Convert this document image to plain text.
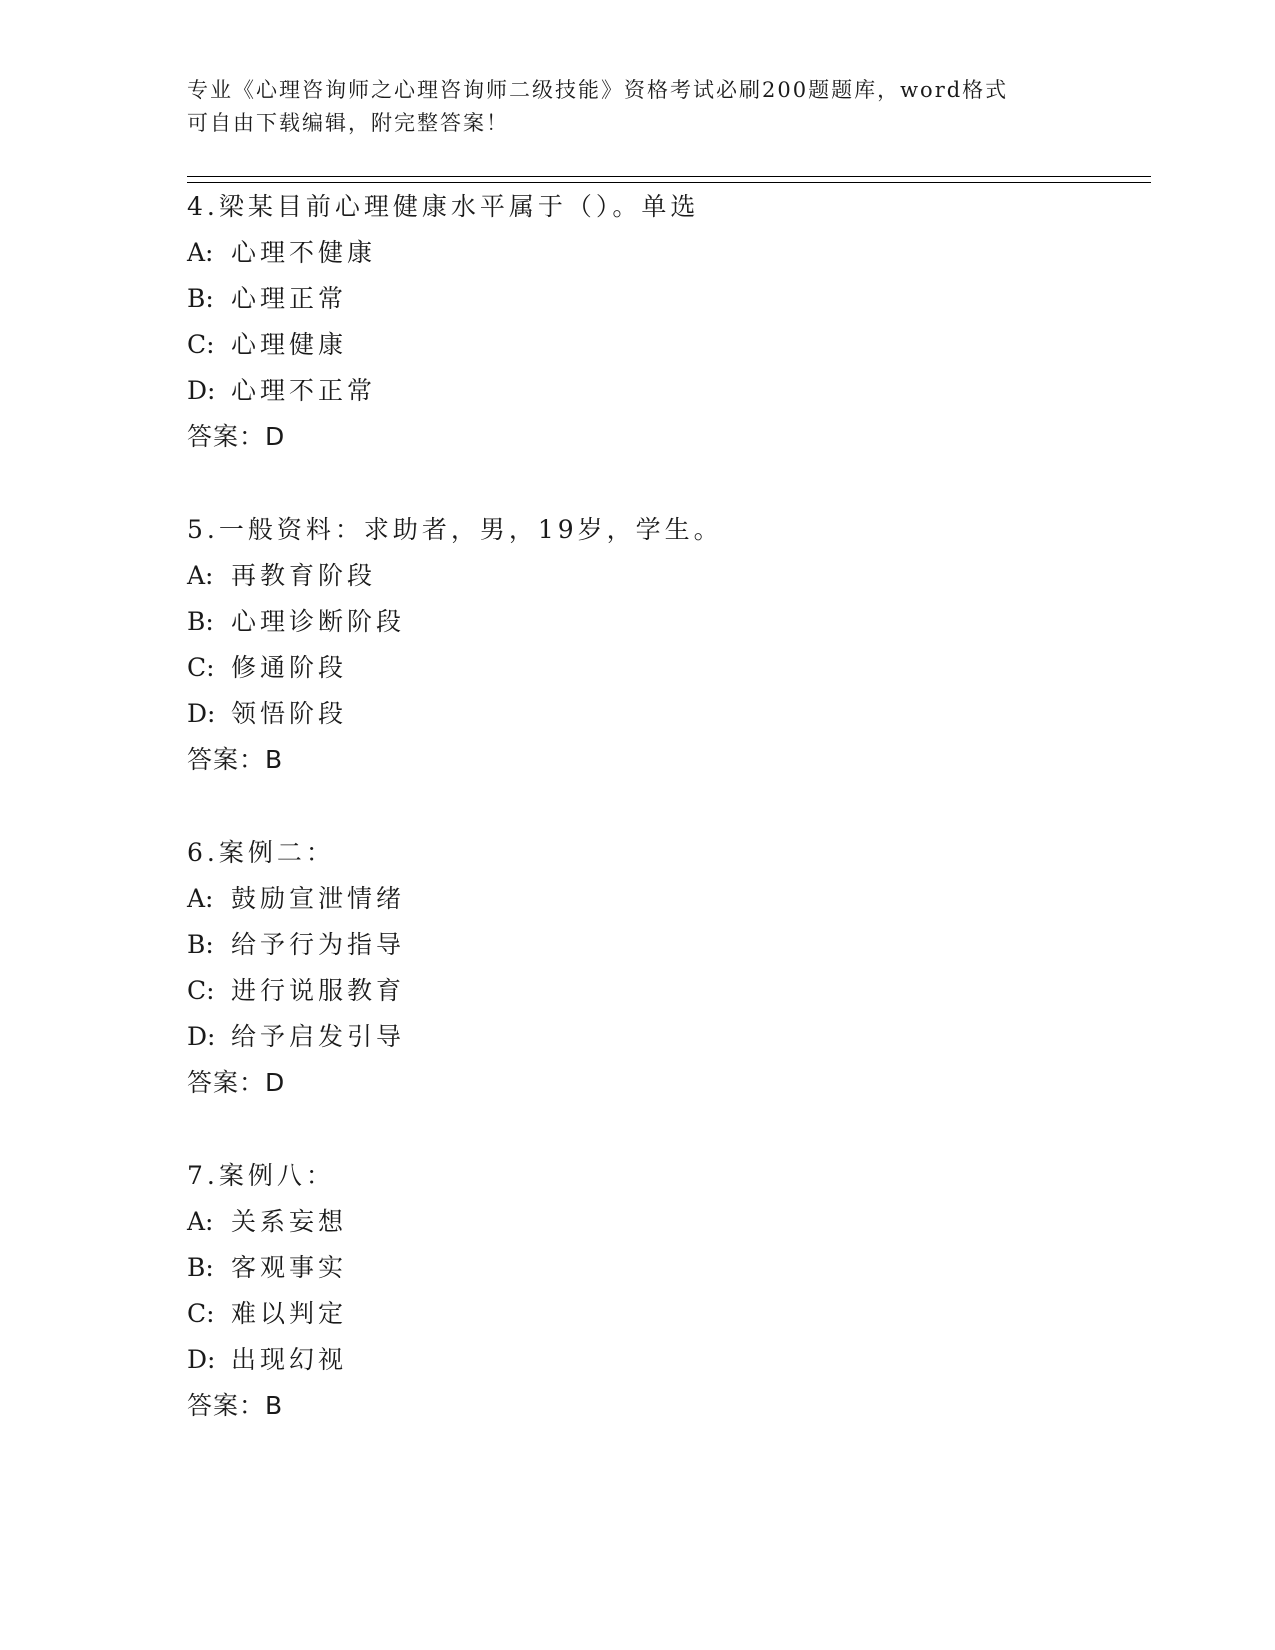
专业《心理咨询师之心理咨询师二级技能》资格考试必刷200题题库，word格式
可自由下载编辑，附完整答案！
4.梁某目前心理健康水平属于（）。单选
A: 心理不健康
B: 心理正常
C: 心理健康
D: 心理不正常
答案：D
5.一般资料：求助者，男，19岁，学生。
A: 再教育阶段
B: 心理诊断阶段
C: 修通阶段
D: 领悟阶段
答案：B
6.案例二：
A: 鼓励宣泄情绪
B: 给予行为指导
C: 进行说服教育
D: 给予启发引导
答案：D
7.案例八：
A: 关系妄想
B: 客观事实
C: 难以判定
D: 出现幻视
答案：B
